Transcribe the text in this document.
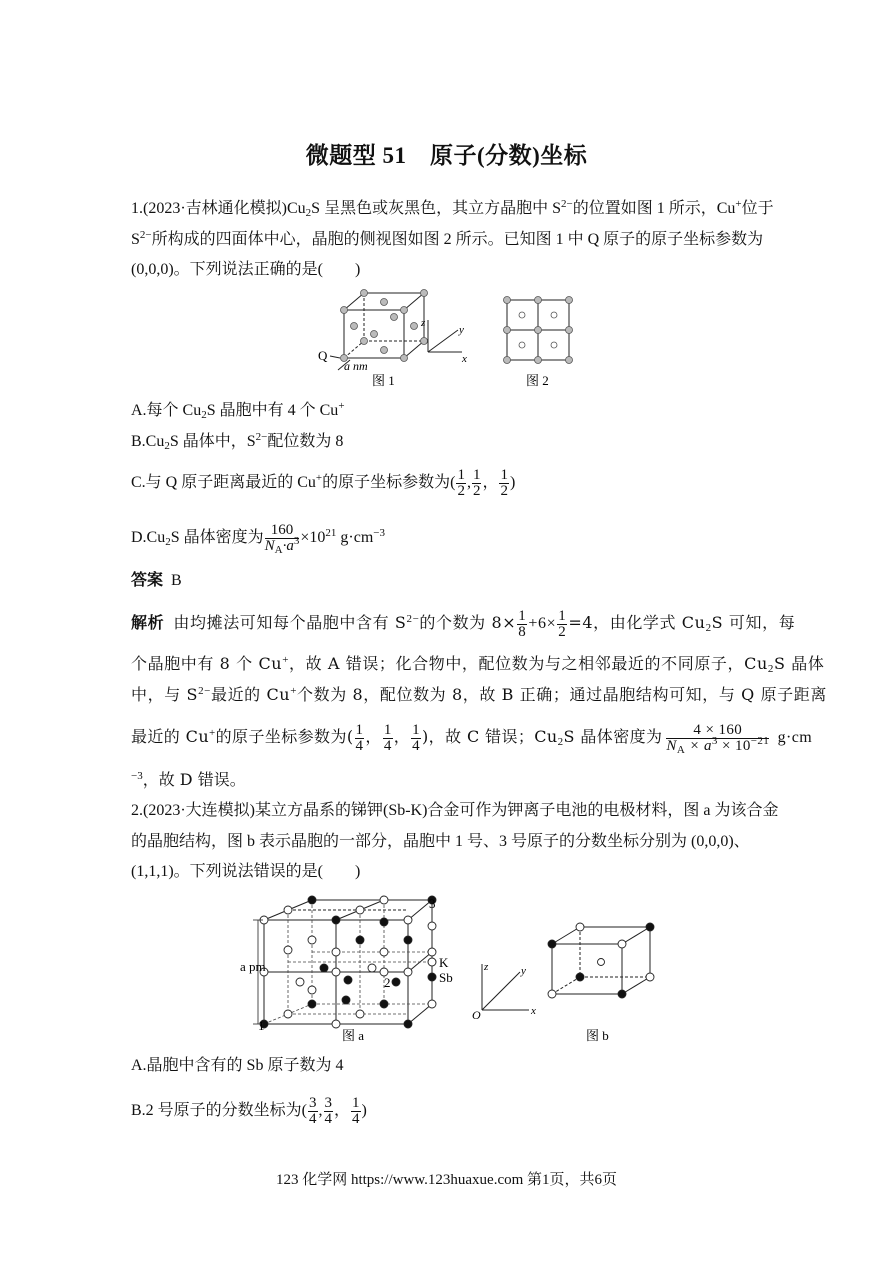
微题型 51　原子(分数)坐标
1.(2023·吉林通化模拟)$Cu_2S$ 呈黑色或灰黑色，其立方晶胞中 $S^{2-}$的位置如图 1 所示，Cu+位于
$S^{2-}$所构成的四面体中心，晶胞的侧视图如图 2 所示。已知图 1 中 Q 原子的原子坐标参数为
(0,0,0)。下列说法正确的是(　　)
Q
a nm
z
y
x
图 1	图 2
A.每个 $Cu_2S$ 晶胞中有 4 个 Cu+
$B.Cu_2S$ 晶体中，$S^{2-}$配位数为 8
C.与 Q 原子距离最近的 Cu+的原子坐标参数为( $\frac{1}{2}$ , $\frac{1}{2}$ ， $\frac{1}{2}$ )
$D.Cu_2S$ 晶体密度为 $\frac{160}{N_A\cdot a^3} \times 10^{21}$ $g\cdot cm^{-3}$
答案 B
解析 由均摊法可知每个晶胞中含有 $S^{2-}$的个数为 $8\times \frac{1}{8} +6\times \frac{1}{2} =4$，由化学式 $Cu_2S$ 可知，每
个晶胞中有 8 个 Cu+，故 A 错误；化合物中，配位数为与之相邻最近的不同原子，$Cu_2S$ 晶体
中，与 $S^{2-}$最近的 Cu+个数为 8，配位数为 8，故 B 正确；通过晶胞结构可知，与 Q 原子距离
最近的 Cu+的原子坐标参数为( $\frac{1}{4}$ ， $\frac{1}{4}$ ， $\frac{1}{4}$ )，故 C 错误；$Cu_2S$ 晶体密度为 $\frac{4 \times 160}{N_A \times a^3 \times 10^{-21}} g\cdot cm$
$^{-3}$，故 D 错误。
2.(2023·大连模拟)某立方晶系的锑钾(Sb-K)合金可作为钾离子电池的电极材料，图 a 为该合金
的晶胞结构，图 b 表示晶胞的一部分，晶胞中 1 号、3 号原子的分数坐标分别为 (0,0,0)、
(1,1,1)。下列说法错误的是(　　)
a pm
1
2
3
K
Sb
图 a
O
z	y
x
图 b
A.晶胞中含有的 Sb 原子数为 4
B.2 号原子的分数坐标为( $\frac{3}{4}$ , $\frac{3}{4}$ ， $\frac{1}{4}$ )
123 化学网 https://www.123huaxue.com 第1页，共6页
